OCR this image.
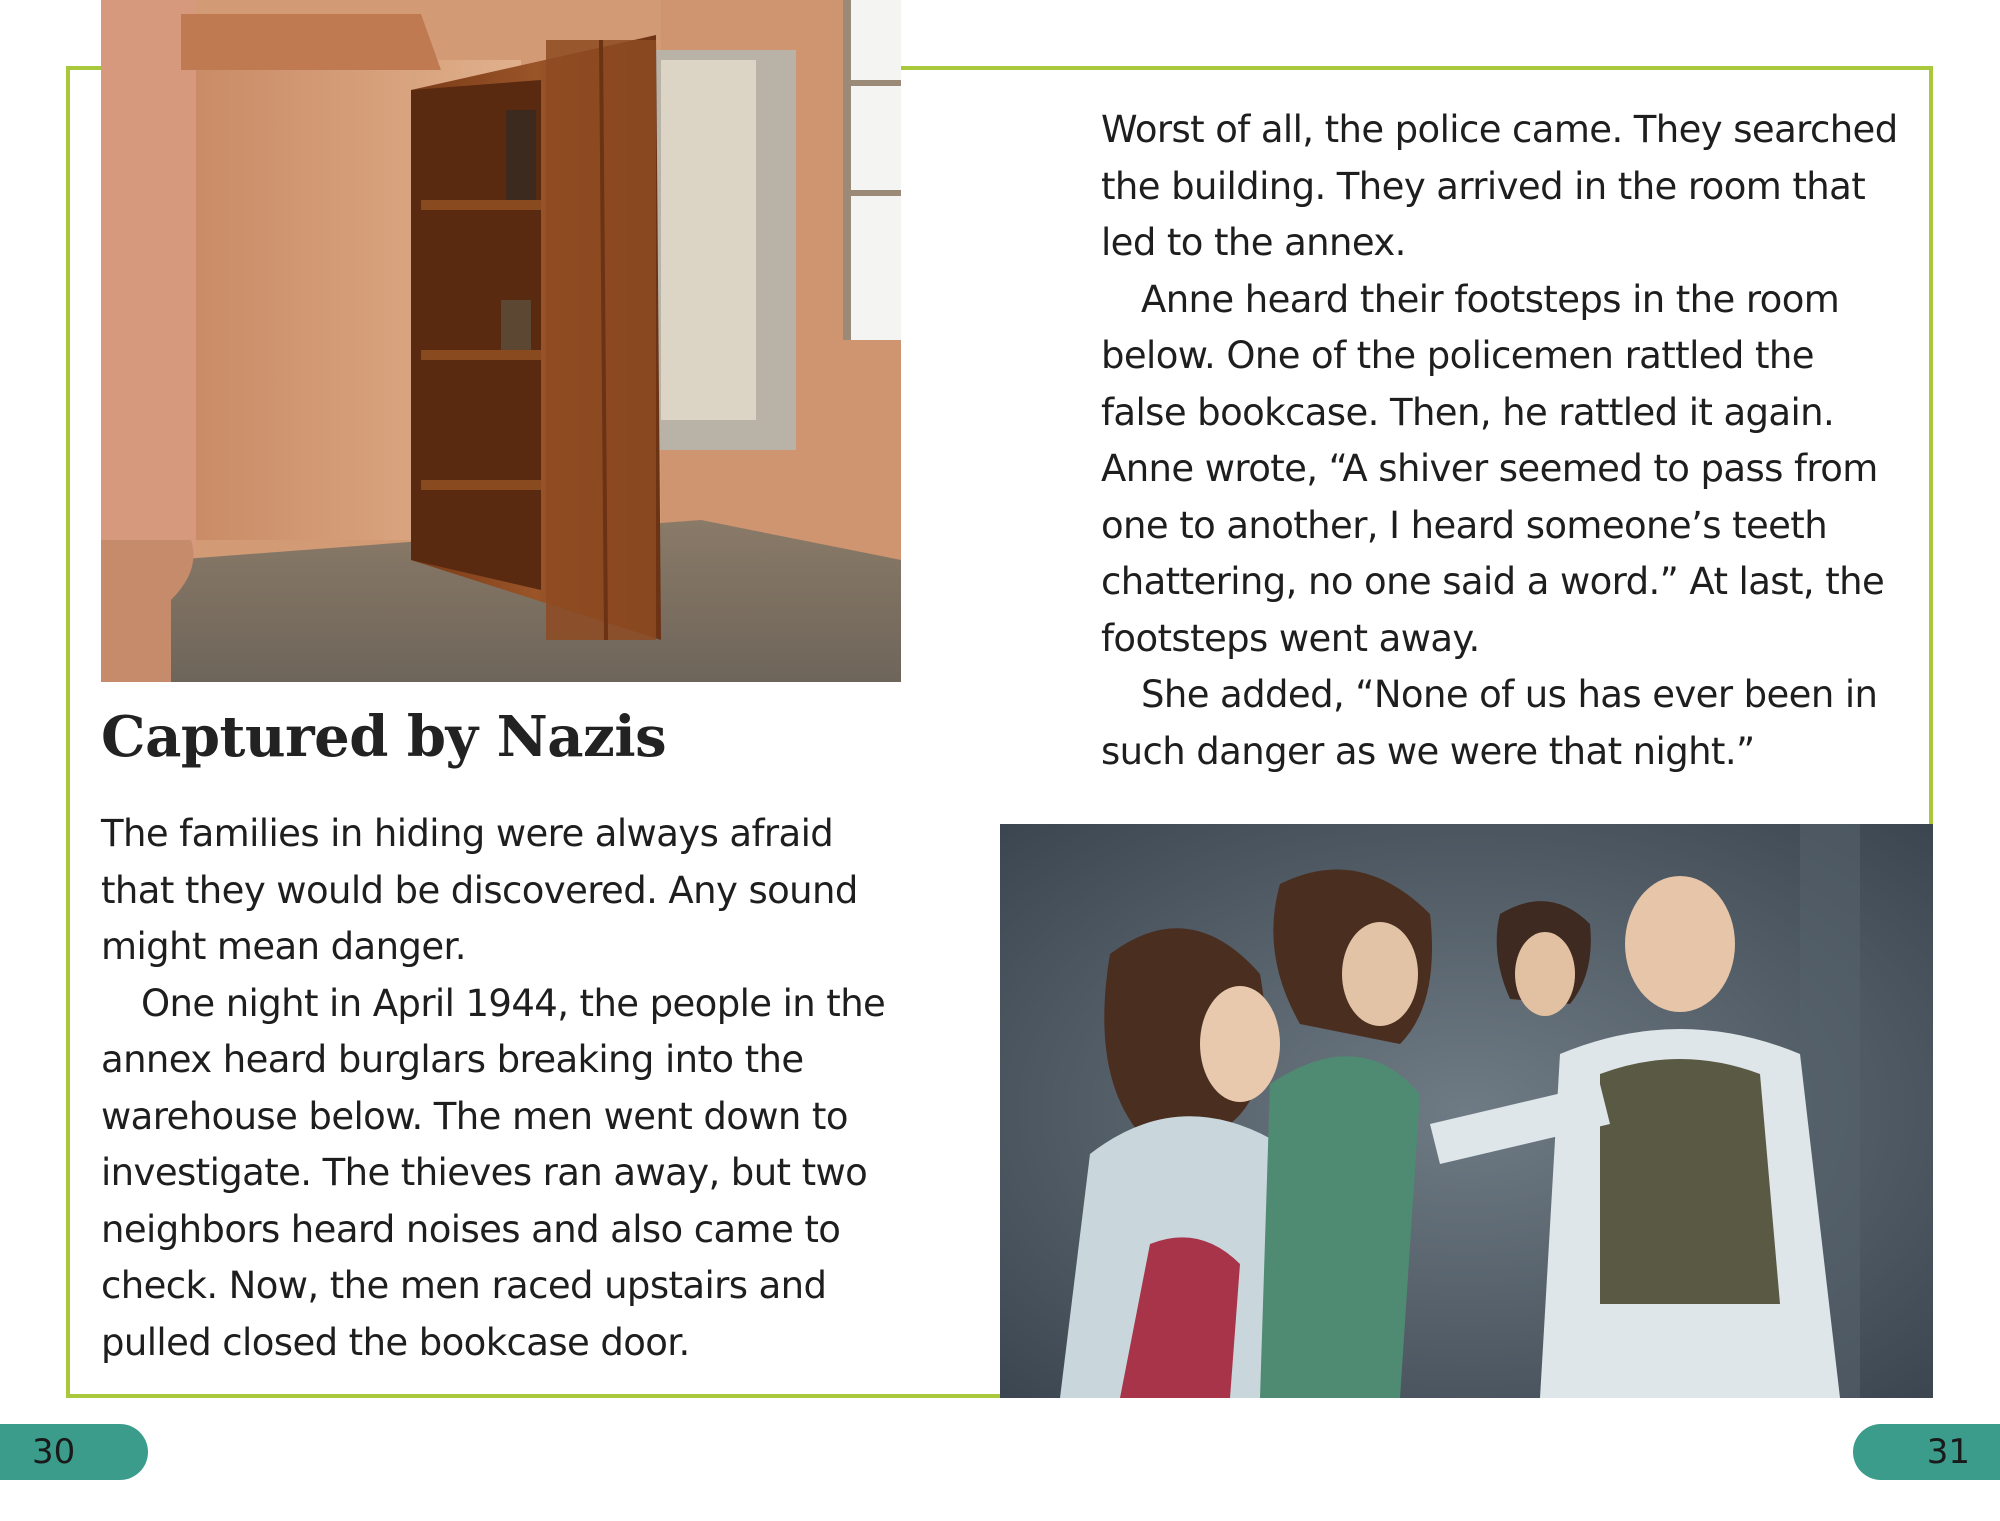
Captured by Nazis

The families in hiding were always afraid

that they would be discovered. Any sound

might mean danger.

One night in April 1944, the people in the

annex heard burglars breaking into the

warehouse below. The men went down to

investigate. The thieves ran away, but two

neighbors heard noises and also came to

check. Now, the men raced upstairs and

pulled closed the bookcase door.

Worst of all, the police came. They searched

the building. They arrived in the room that

led to the annex.

Anne heard their footsteps in the room

below. One of the policemen rattled the

false bookcase. Then, he rattled it again.

Anne wrote, “A shiver seemed to pass from

one to another, I heard someone’s teeth

chattering, no one said a word.” At last, the

footsteps went away.

She added, “None of us has ever been in

such danger as we were that night.”

30	31
